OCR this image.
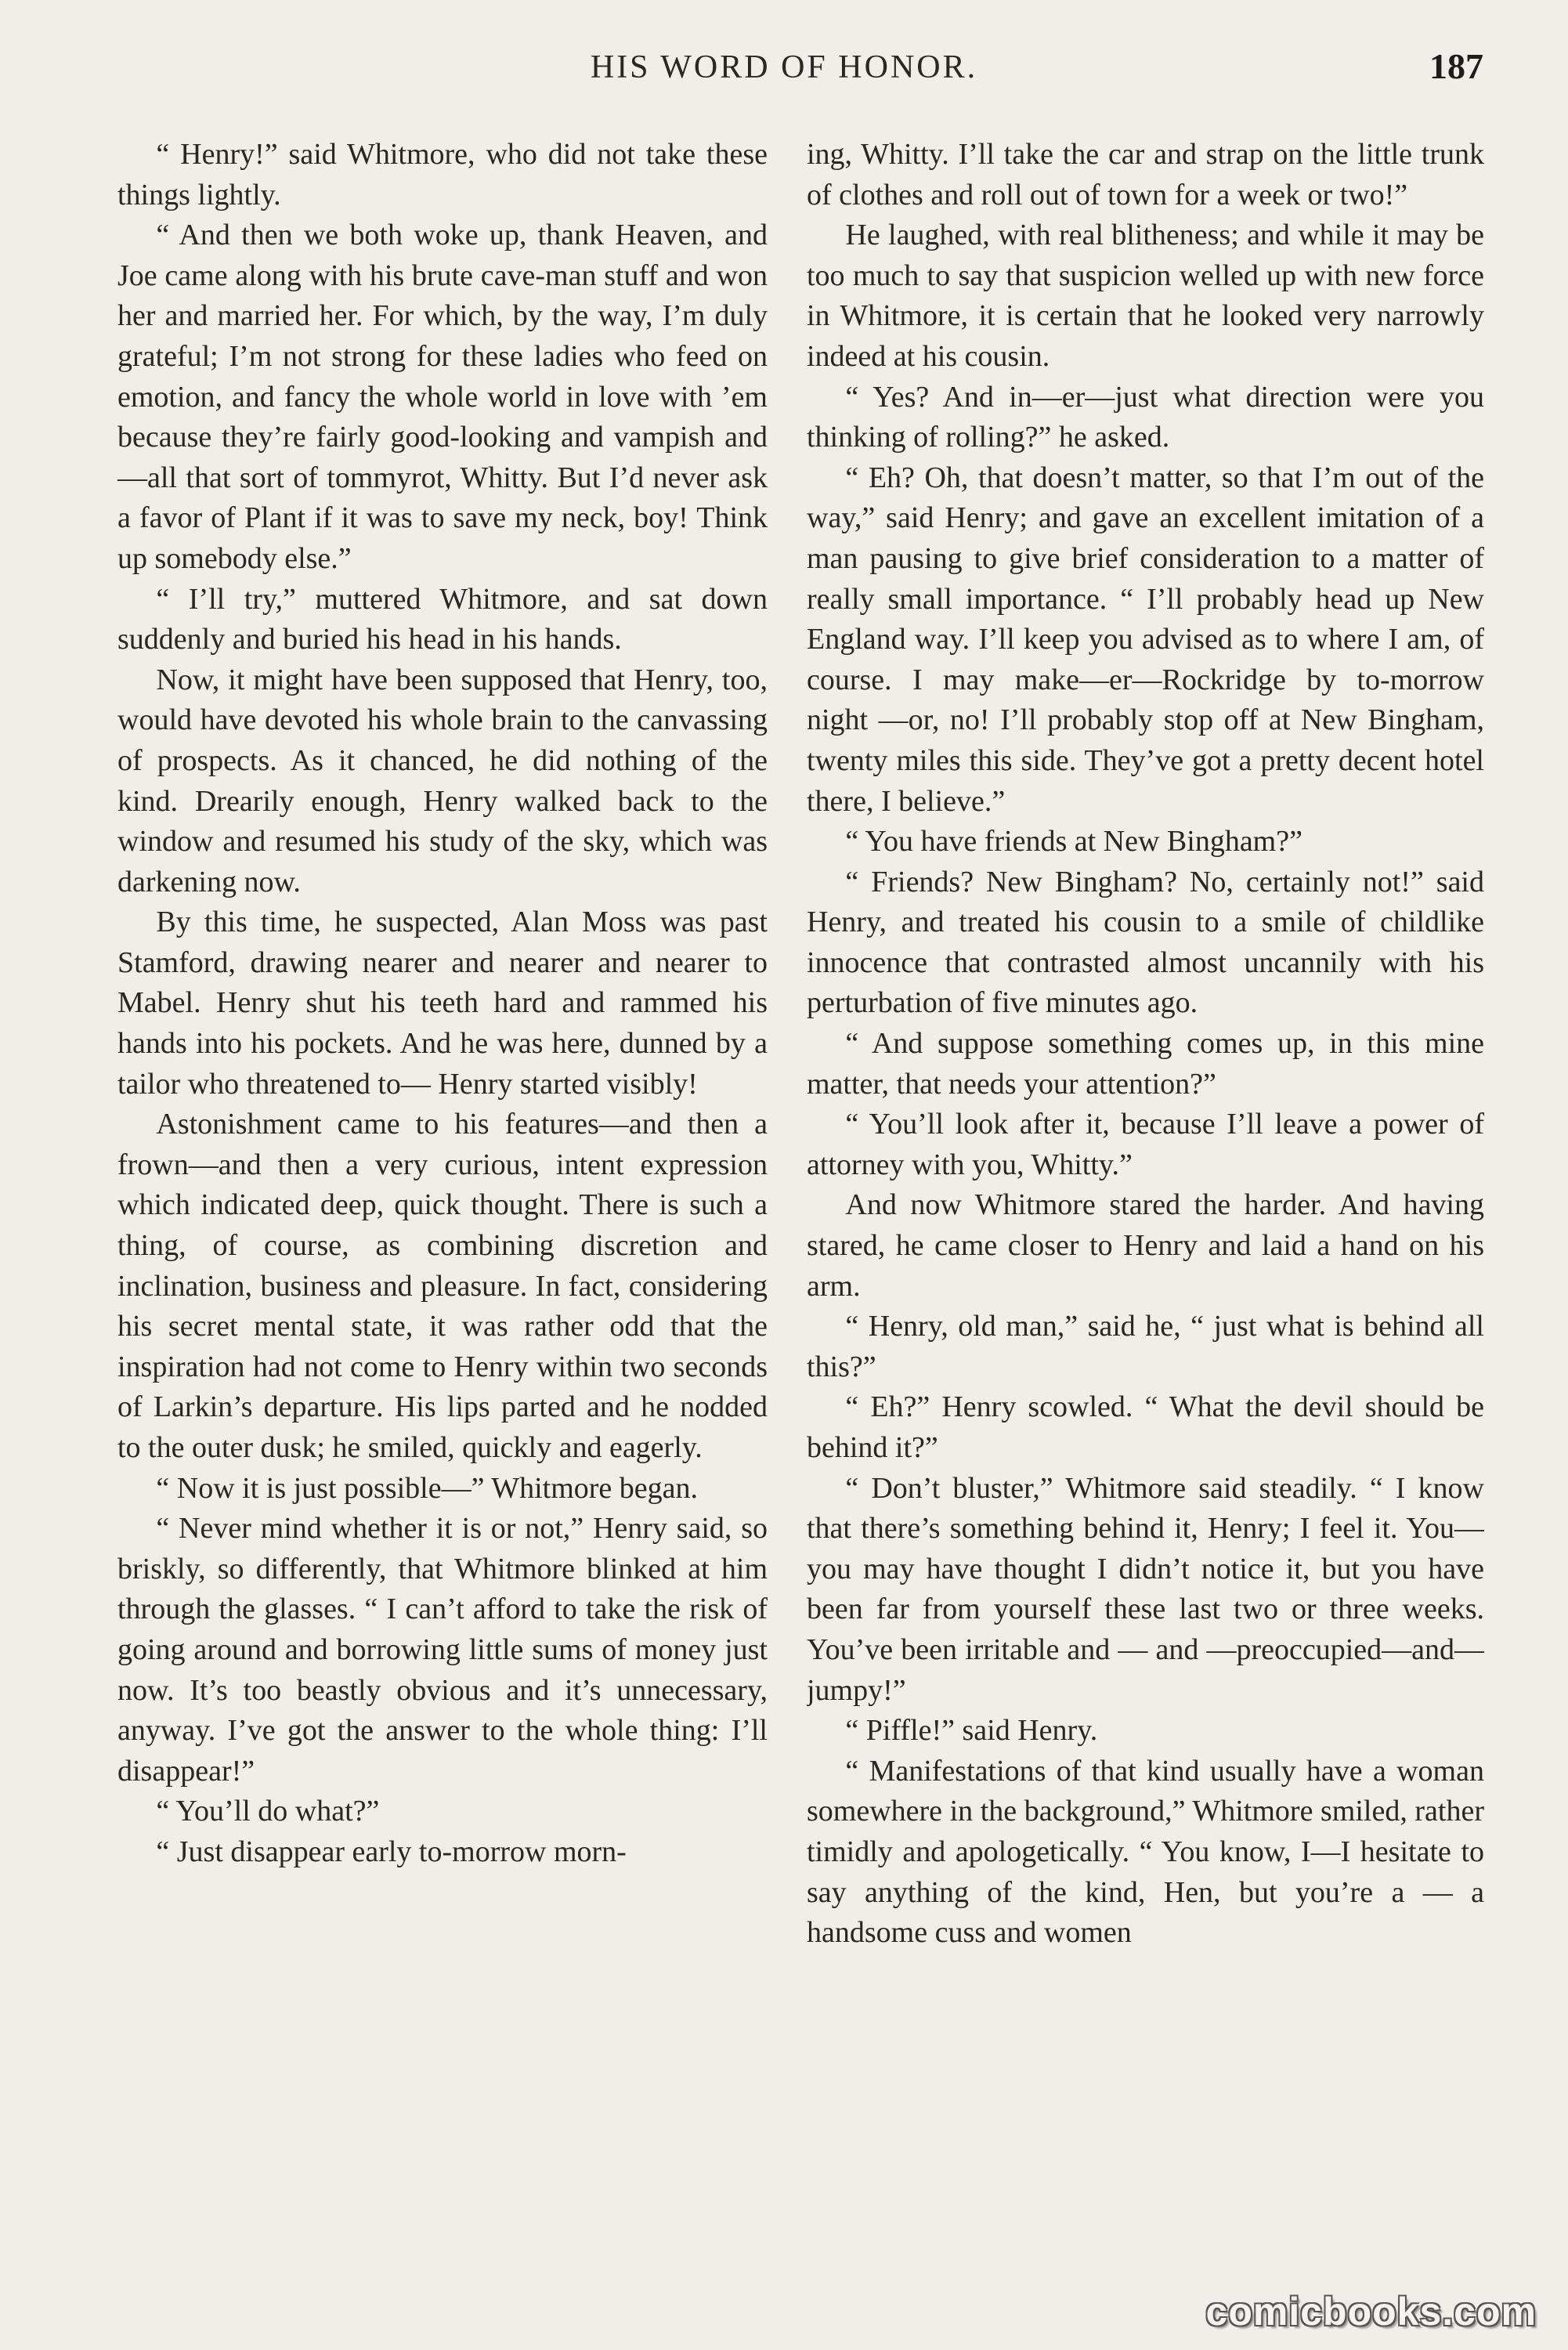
HIS WORD OF HONOR.	187

“ Henry!” said Whitmore, who did not take these things lightly.

“ And then we both woke up, thank Heaven, and Joe came along with his brute cave-man stuff and won her and married her. For which, by the way, I’m duly grateful; I’m not strong for these ladies who feed on emotion, and fancy the whole world in love with ’em because they’re fairly good-looking and vampish and—all that sort of tommyrot, Whitty. But I’d never ask a favor of Plant if it was to save my neck, boy! Think up somebody else.”

“ I’ll try,” muttered Whitmore, and sat down suddenly and buried his head in his hands.

Now, it might have been supposed that Henry, too, would have devoted his whole brain to the canvassing of prospects. As it chanced, he did nothing of the kind. Drearily enough, Henry walked back to the window and resumed his study of the sky, which was darkening now.

By this time, he suspected, Alan Moss was past Stamford, drawing nearer and nearer and nearer to Mabel. Henry shut his teeth hard and rammed his hands into his pockets. And he was here, dunned by a tailor who threatened to— Henry started visibly!

Astonishment came to his features—and then a frown—and then a very curious, intent expression which indicated deep, quick thought. There is such a thing, of course, as combining discretion and inclination, business and pleasure. In fact, considering his secret mental state, it was rather odd that the inspiration had not come to Henry within two seconds of Larkin’s departure. His lips parted and he nodded to the outer dusk; he smiled, quickly and eagerly.

“ Now it is just possible—” Whitmore began.

“ Never mind whether it is or not,” Henry said, so briskly, so differently, that Whitmore blinked at him through the glasses. “ I can’t afford to take the risk of going around and borrowing little sums of money just now. It’s too beastly obvious and it’s unnecessary, anyway. I’ve got the answer to the whole thing: I’ll disappear!”

“ You’ll do what?”

“ Just disappear early to-morrow morn-

ing, Whitty. I’ll take the car and strap on the little trunk of clothes and roll out of town for a week or two!”

He laughed, with real blitheness; and while it may be too much to say that suspicion welled up with new force in Whitmore, it is certain that he looked very narrowly indeed at his cousin.

“ Yes? And in—er—just what direction were you thinking of rolling?” he asked.

“ Eh? Oh, that doesn’t matter, so that I’m out of the way,” said Henry; and gave an excellent imitation of a man pausing to give brief consideration to a matter of really small importance. “ I’ll probably head up New England way. I’ll keep you advised as to where I am, of course. I may make—er—Rockridge by to-morrow night —or, no! I’ll probably stop off at New Bingham, twenty miles this side. They’ve got a pretty decent hotel there, I believe.”

“ You have friends at New Bingham?”

“ Friends? New Bingham? No, certainly not!” said Henry, and treated his cousin to a smile of childlike innocence that contrasted almost uncannily with his perturbation of five minutes ago.

“ And suppose something comes up, in this mine matter, that needs your attention?”

“ You’ll look after it, because I’ll leave a power of attorney with you, Whitty.”

And now Whitmore stared the harder. And having stared, he came closer to Henry and laid a hand on his arm.

“ Henry, old man,” said he, “ just what is behind all this?”

“ Eh?” Henry scowled. “ What the devil should be behind it?”

“ Don’t bluster,” Whitmore said steadily. “ I know that there’s something behind it, Henry; I feel it. You—you may have thought I didn’t notice it, but you have been far from yourself these last two or three weeks. You’ve been irritable and — and —preoccupied—and—jumpy!”

“ Piffle!” said Henry.

“ Manifestations of that kind usually have a woman somewhere in the background,” Whitmore smiled, rather timidly and apologetically. “ You know, I—I hesitate to say anything of the kind, Hen, but you’re a — a handsome cuss and women

comicbooks.com
